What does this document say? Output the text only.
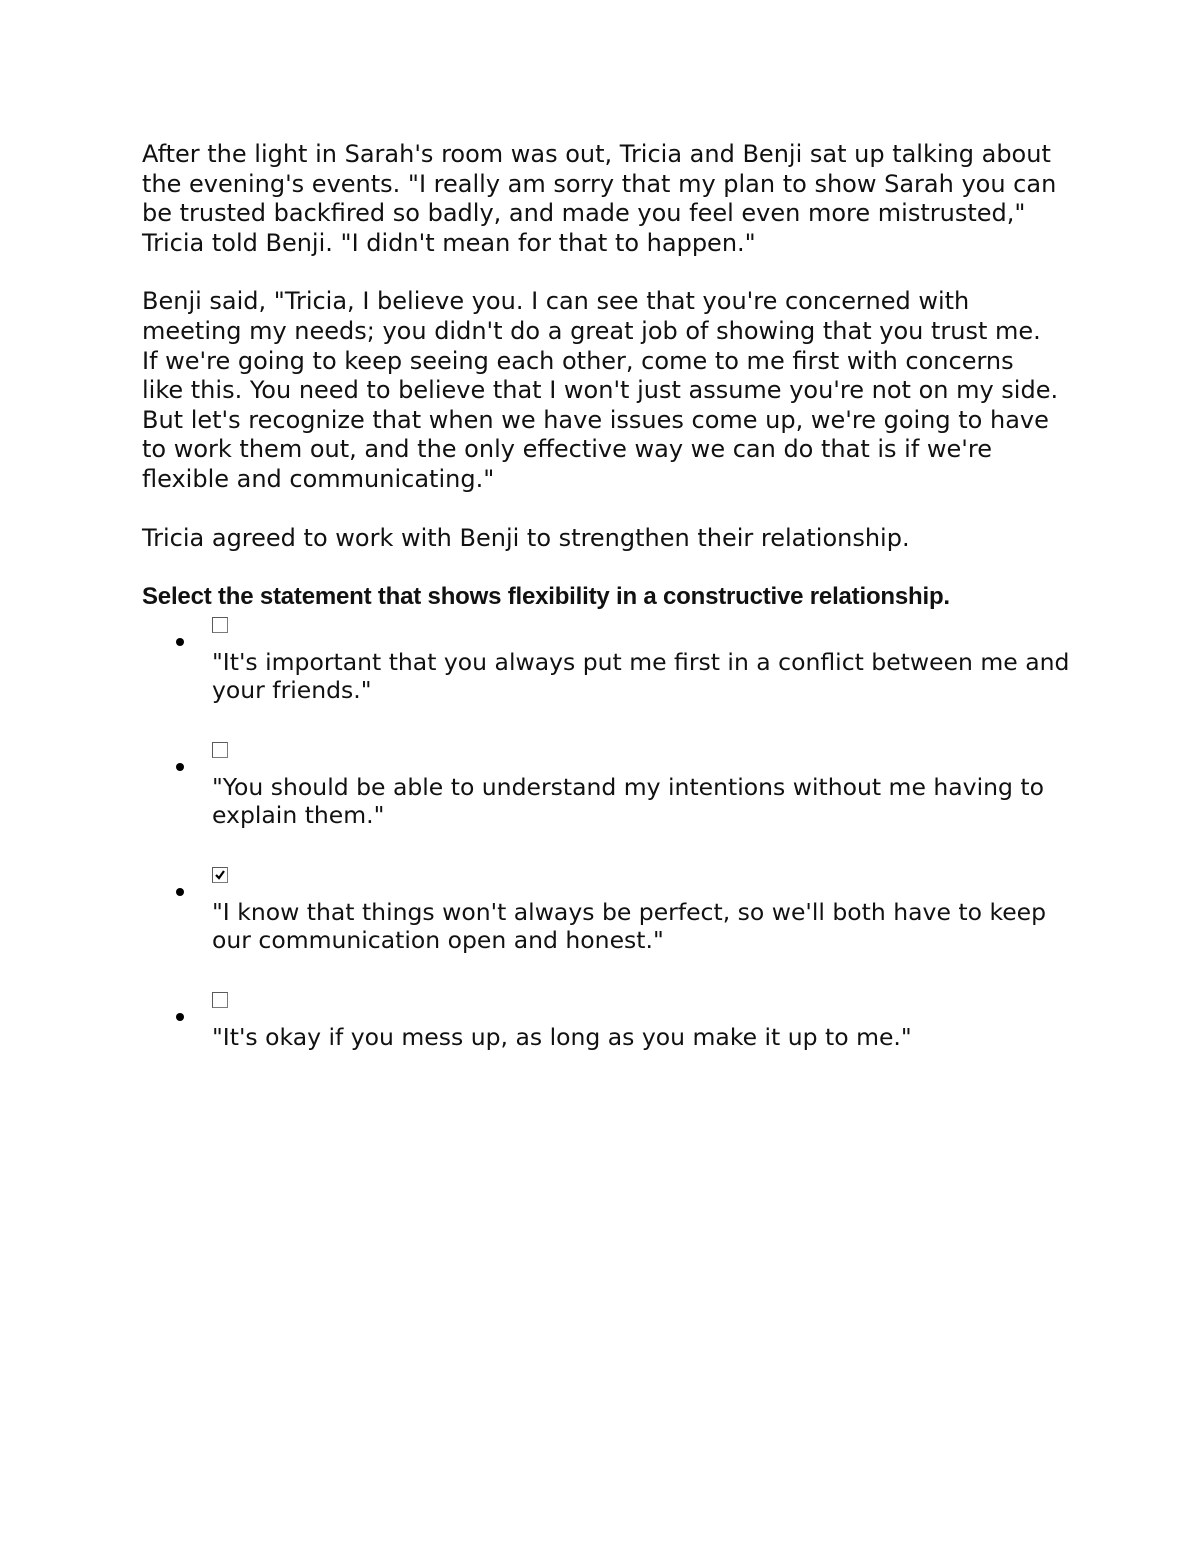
After the light in Sarah's room was out, Tricia and Benji sat up talking about the evening's events. "I really am sorry that my plan to show Sarah you can be trusted backfired so badly, and made you feel even more mistrusted," Tricia told Benji. "I didn't mean for that to happen."

Benji said, "Tricia, I believe you. I can see that you're concerned with meeting my needs; you didn't do a great job of showing that you trust me. If we're going to keep seeing each other, come to me first with concerns like this. You need to believe that I won't just assume you're not on my side. But let's recognize that when we have issues come up, we're going to have to work them out, and the only effective way we can do that is if we're flexible and communicating."

Tricia agreed to work with Benji to strengthen their relationship.

Select the statement that shows flexibility in a constructive relationship.

"It's important that you always put me first in a conflict between me and your friends."

"You should be able to understand my intentions without me having to explain them."

"I know that things won't always be perfect, so we'll both have to keep our communication open and honest."

"It's okay if you mess up, as long as you make it up to me."
